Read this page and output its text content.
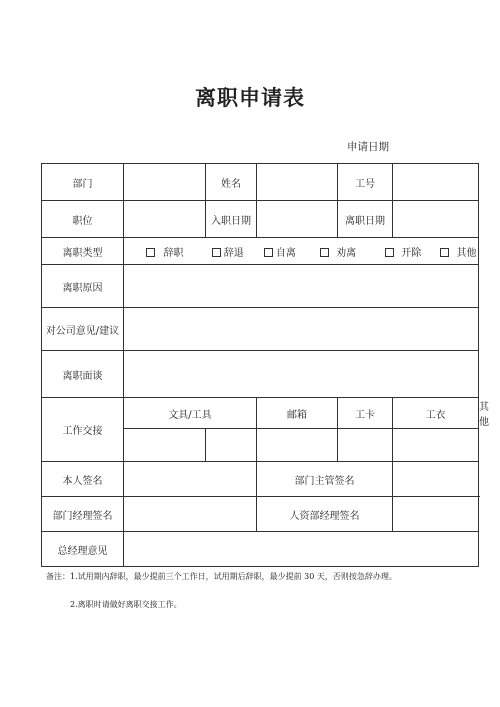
离职申请表
申请日期
部门		姓名		工号		
职位		入职日期		离职日期		
离职类型	辞职 辞退 自离 劝离 开除 其他					
离职原因						
对公司意见/建议						
离职面谈						
工作交接	文具/工具		邮箱	工卡	工衣	其他

本人签名			部门主管签名			
部门经理签名			人资部经理签名			
总经理意见						
备注：1.试用期内辞职，最少提前三个工作日，试用期后辞职，最少提前 30 天，否则按急辞办理。
2.离职时请做好离职交接工作。
